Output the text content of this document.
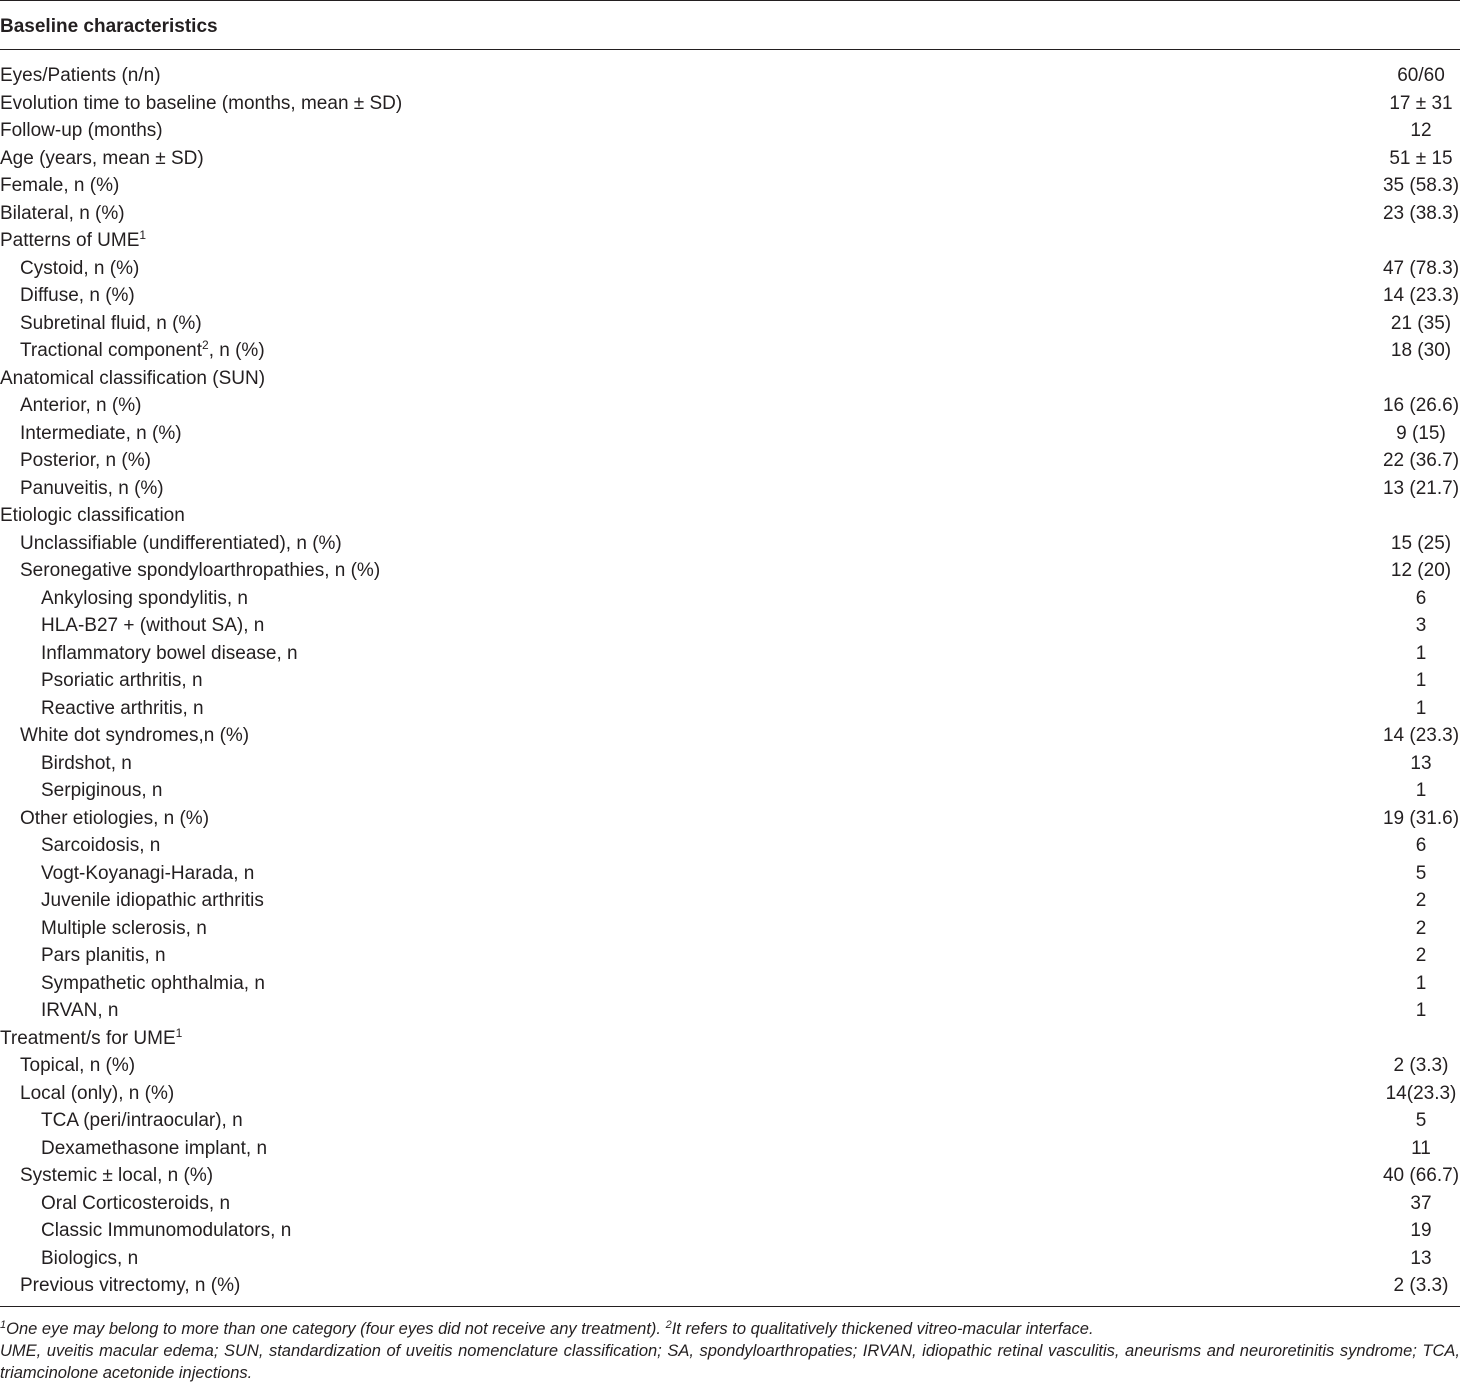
Baseline characteristics
Eyes/Patients (n/n)	60/60
Evolution time to baseline (months, mean ± SD)	17 ± 31
Follow-up (months)	12
Age (years, mean ± SD)	51 ± 15
Female, n (%)	35 (58.3)
Bilateral, n (%)	23 (38.3)
Patterns of UME$^1$
Cystoid, n (%)	47 (78.3)
Diffuse, n (%)	14 (23.3)
Subretinal fluid, n (%)	21 (35)
Tractional component$^2$, n (%)	18 (30)
Anatomical classification (SUN)
Anterior, n (%)	16 (26.6)
Intermediate, n (%)	9 (15)
Posterior, n (%)	22 (36.7)
Panuveitis, n (%)	13 (21.7)
Etiologic classification
Unclassifiable (undifferentiated), n (%)	15 (25)
Seronegative spondyloarthropathies, n (%)	12 (20)
Ankylosing spondylitis, n	6
HLA-B27 + (without SA), n	3
Inflammatory bowel disease, n	1
Psoriatic arthritis, n	1
Reactive arthritis, n	1
White dot syndromes,n (%)	14 (23.3)
Birdshot, n	13
Serpiginous, n	1
Other etiologies, n (%)	19 (31.6)
Sarcoidosis, n	6
Vogt-Koyanagi-Harada, n	5
Juvenile idiopathic arthritis	2
Multiple sclerosis, n	2
Pars planitis, n	2
Sympathetic ophthalmia, n	1
IRVAN, n	1
Treatment/s for UME$^1$
Topical, n (%)	2 (3.3)
Local (only), n (%)	14(23.3)
TCA (peri/intraocular), n	5
Dexamethasone implant, n	11
Systemic ± local, n (%)	40 (66.7)
Oral Corticosteroids, n	37
Classic Immunomodulators, n	19
Biologics, n	13
Previous vitrectomy, n (%)	2 (3.3)

$^1$One eye may belong to more than one category (four eyes did not receive any treatment). $^2$It refers to qualitatively thickened vitreo-macular interface.

UME, uveitis macular edema; SUN, standardization of uveitis nomenclature classification; SA, spondyloarthropaties; IRVAN, idiopathic retinal vasculitis, aneurisms and neuroretinitis syndrome; TCA, triamcinolone acetonide injections.
